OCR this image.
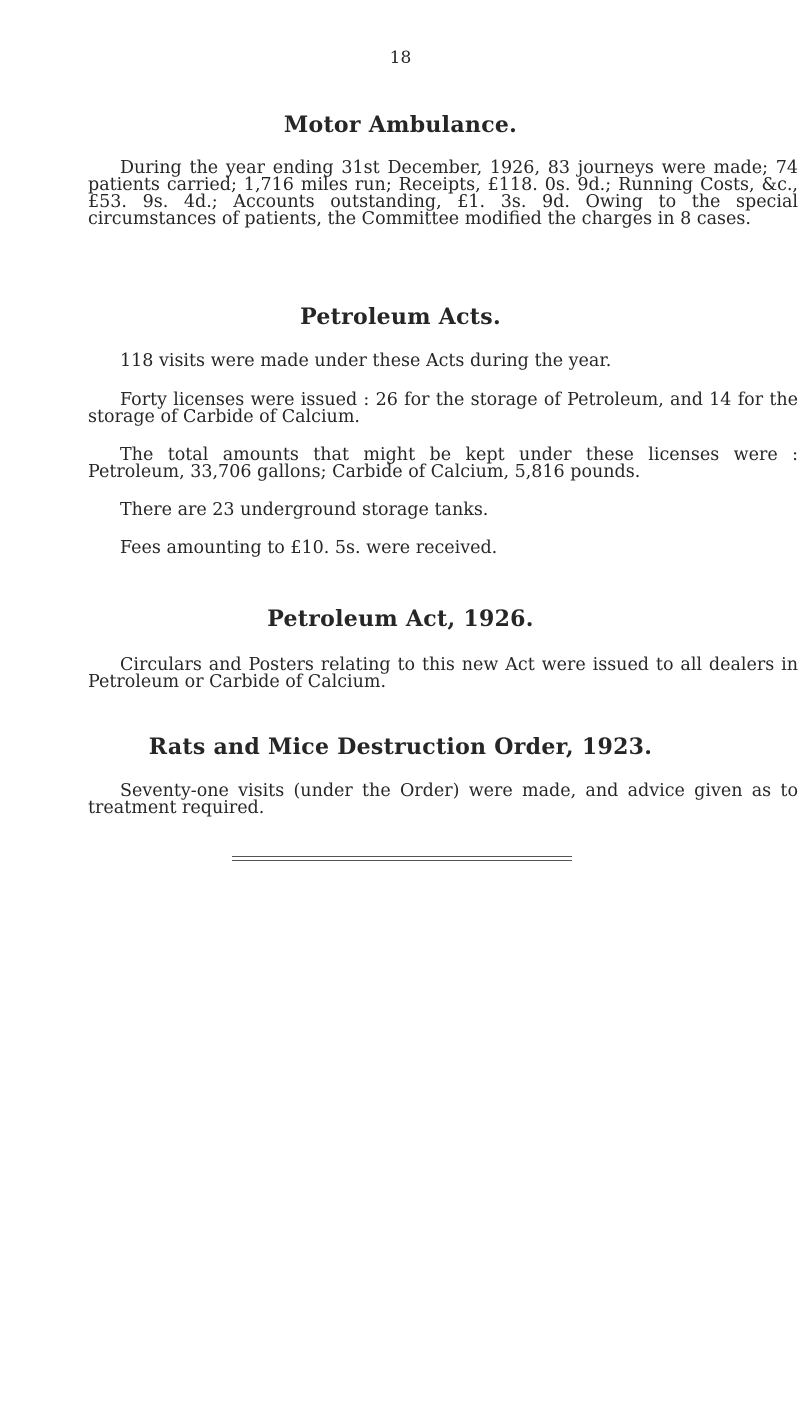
18
Motor Ambulance.
During the year ending 31st December, 1926, 83 journeys were made; 74 patients carried; 1,716 miles run; Receipts, £118. 0s. 9d.; Running Costs, &c., £53. 9s. 4d.; Accounts outstanding, £1. 3s. 9d. Owing to the special circumstances of patients, the Committee modified the charges in 8 cases.
Petroleum Acts.
118 visits were made under these Acts during the year.
Forty licenses were issued : 26 for the storage of Petroleum, and 14 for the storage of Carbide of Calcium.
The total amounts that might be kept under these licenses were : Petroleum, 33,706 gallons; Carbide of Calcium, 5,816 pounds.
There are 23 underground storage tanks.
Fees amounting to £10. 5s. were received.
Petroleum Act, 1926.
Circulars and Posters relating to this new Act were issued to all dealers in Petroleum or Carbide of Calcium.
Rats and Mice Destruction Order, 1923.
Seventy-one visits (under the Order) were made, and advice given as to treatment required.
